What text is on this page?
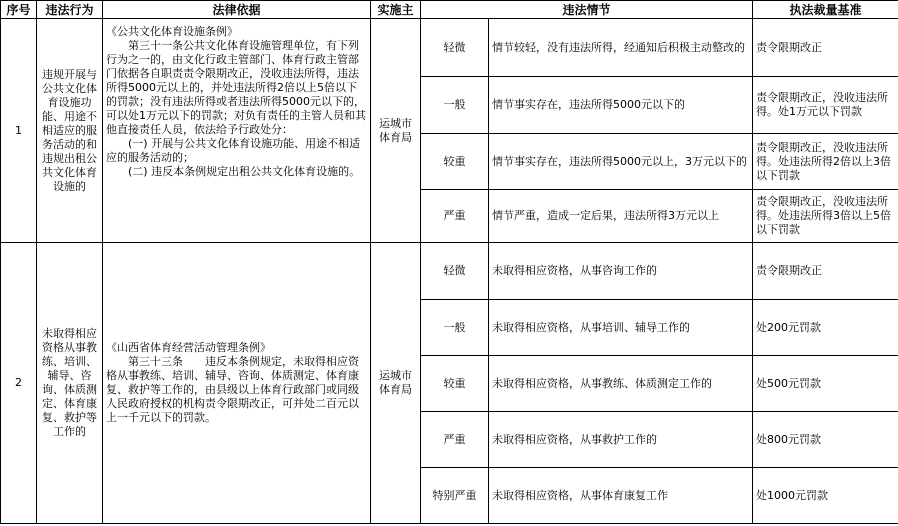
序号	违法行为	法律依据	实施主	违法情节		执法裁量基准
1	违规开展与公共文化体育设施功能、用途不相适应的服务活动的和违规出租公共文化体育设施的	《公共文化体育设施条例》

　　第三十一条公共文化体育设施管理单位，有下列行为之一的，由文化行政主管部门、体育行政主管部门依据各自职责责令限期改正，没收违法所得，违法所得5000元以上的，并处违法所得2倍以上5倍以下的罚款；没有违法所得或者违法所得5000元以下的，可以处1万元以下的罚款；对负有责任的主管人员和其他直接责任人员，依法给予行政处分：

　　(一) 开展与公共文化体育设施功能、用途不相适应的服务活动的；

　　(二) 违反本条例规定出租公共文化体育设施的。	运城市体育局	轻微	情节较轻，没有违法所得，经通知后积极主动整改的	责令限期改正
				一般	情节事实存在，违法所得5000元以下的	责令限期改正，没收违法所得。处1万元以下罚款
				较重	情节事实存在，违法所得5000元以上，3万元以下的	责令限期改正，没收违法所得。处违法所得2倍以上3倍以下罚款
				严重	情节严重，造成一定后果，违法所得3万元以上	责令限期改正，没收违法所得。处违法所得3倍以上5倍以下罚款
2	未取得相应资格从事教练、培训、辅导、咨询、体质测定、体育康复、救护等工作的	《山西省体育经营活动管理条例》

　　第三十三条　　违反本条例规定，未取得相应资格从事教练、培训、辅导、咨询、体质测定、体育康复、救护等工作的，由县级以上体育行政部门或同级人民政府授权的机构责令限期改正，可并处二百元以上一千元以下的罚款。	运城市体育局	轻微	未取得相应资格，从事咨询工作的	责令限期改正
				一般	未取得相应资格，从事培训、辅导工作的	处200元罚款
				较重	未取得相应资格，从事教练、体质测定工作的	处500元罚款
				严重	未取得相应资格，从事救护工作的	处800元罚款
				特别严重	未取得相应资格，从事体育康复工作	处1000元罚款
